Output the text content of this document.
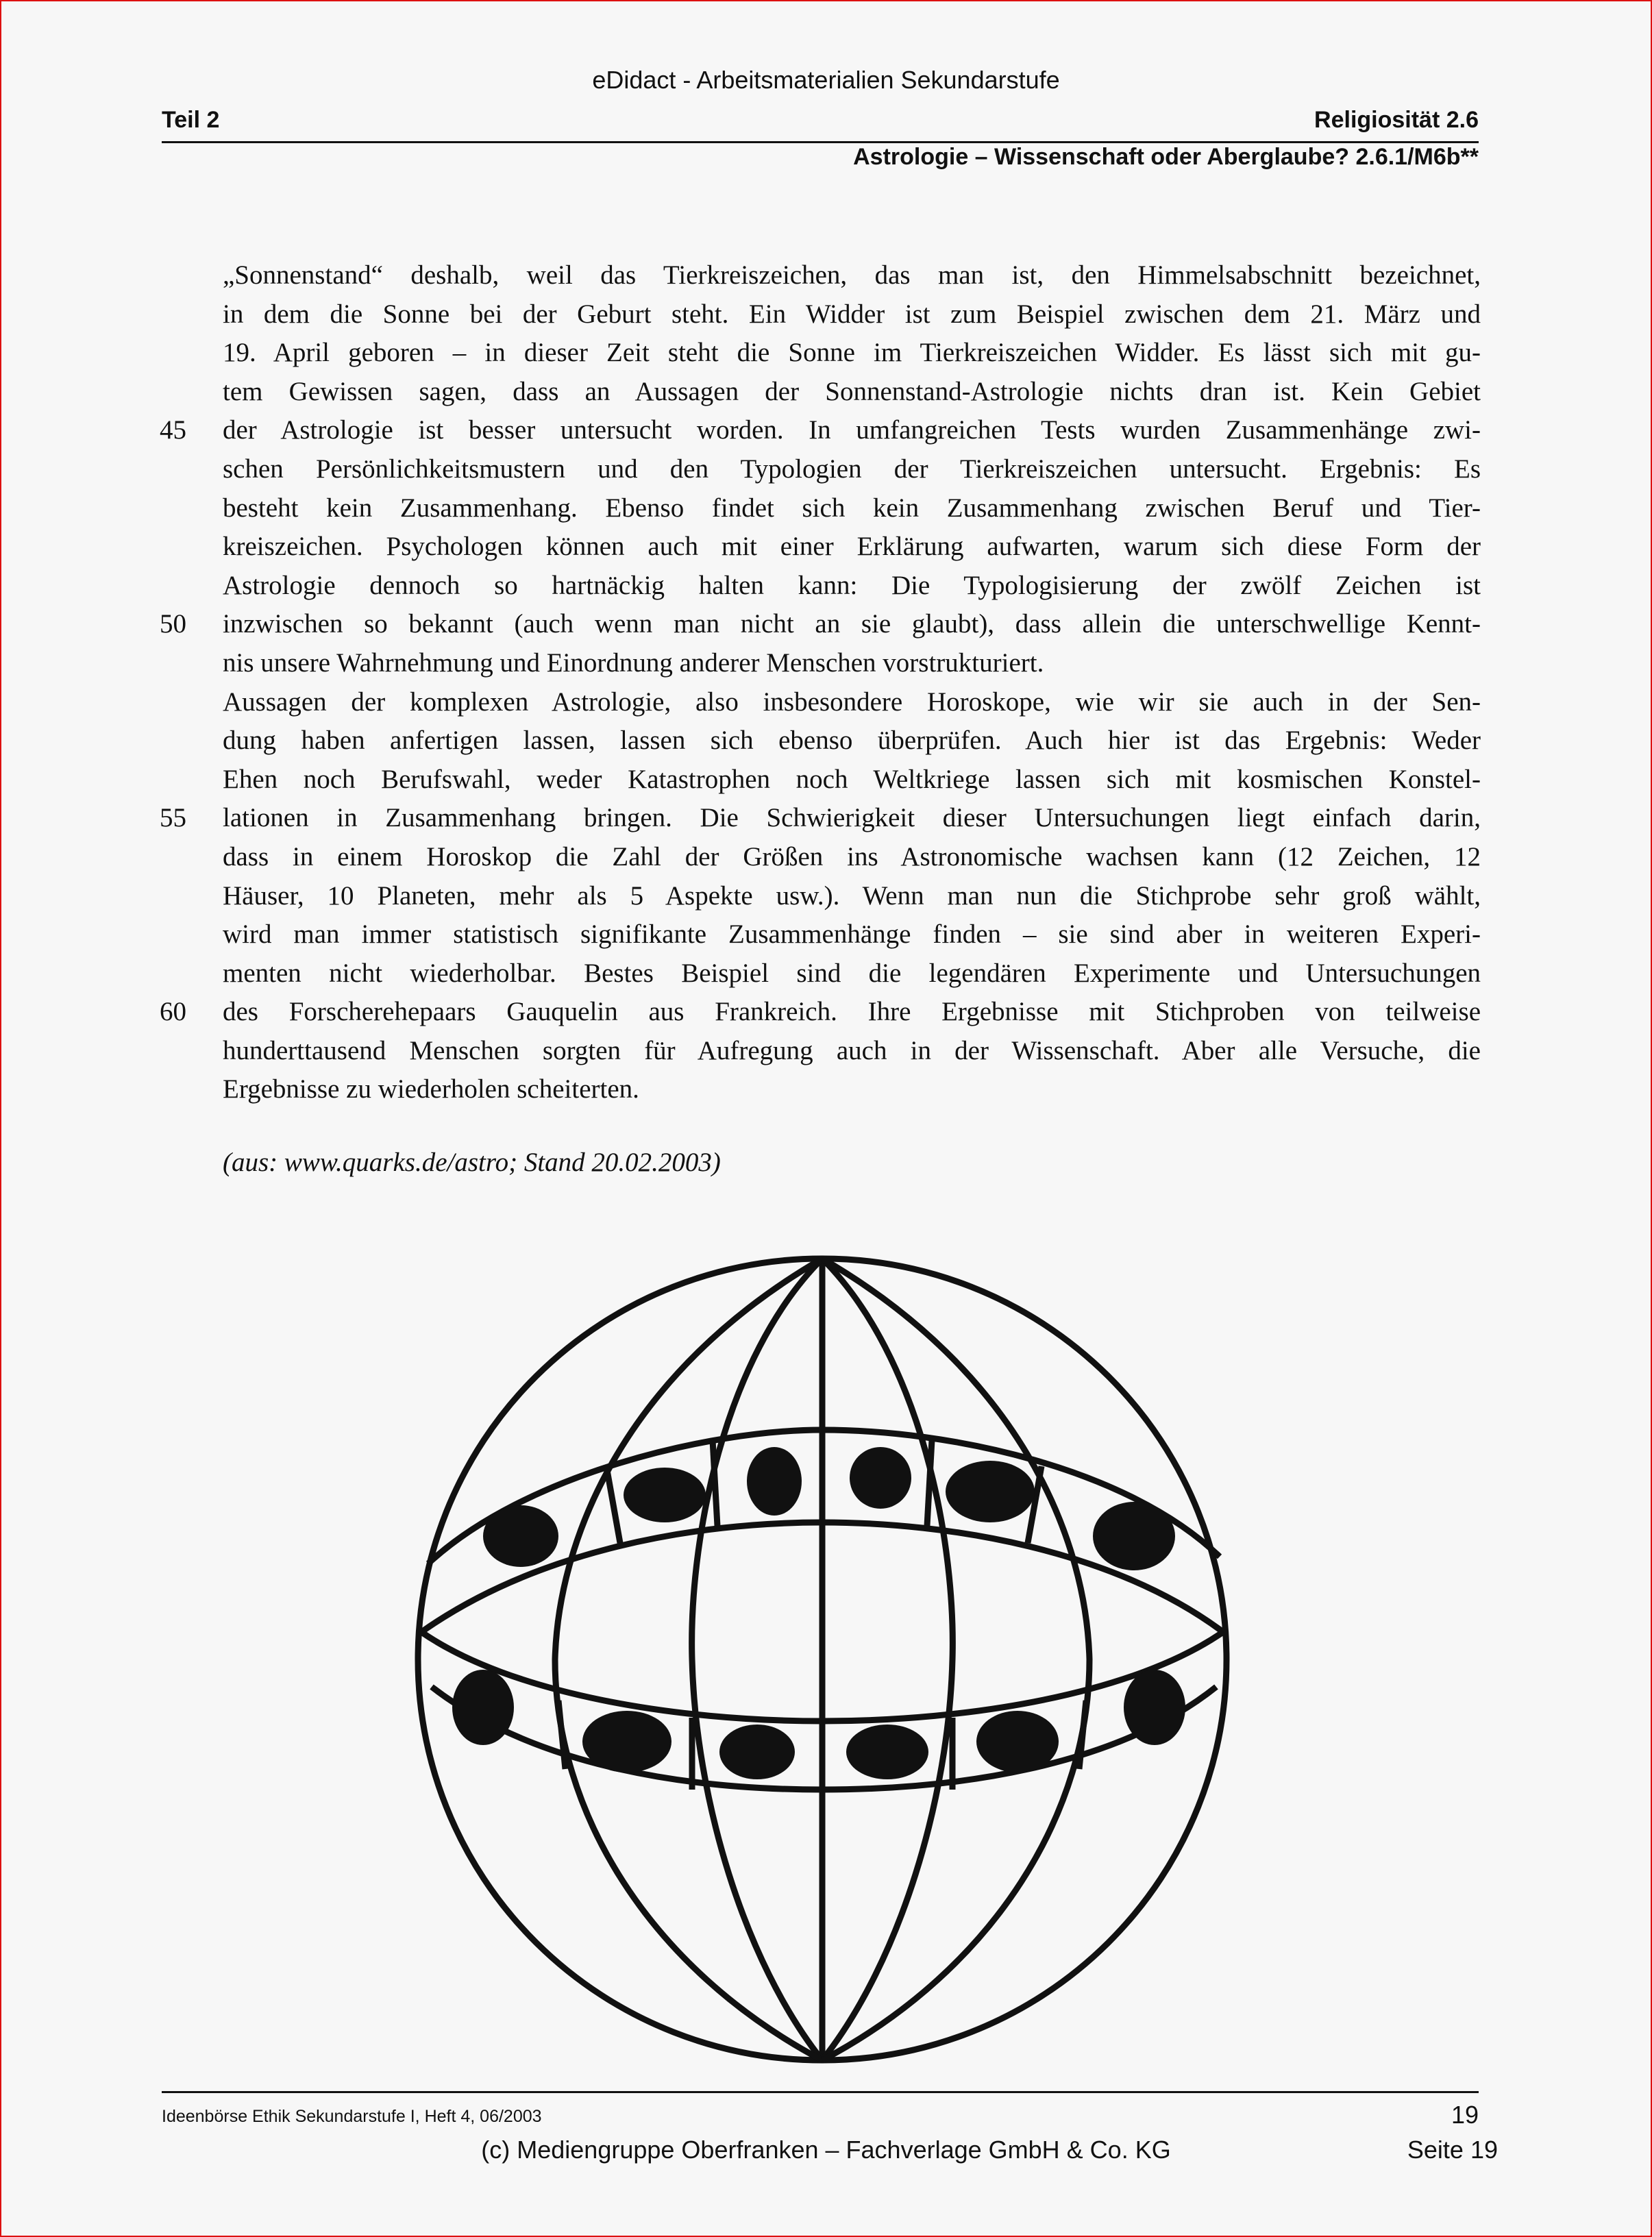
eDidact - Arbeitsmaterialien Sekundarstufe
Teil 2	Religiosität 2.6
Astrologie – Wissenschaft oder Aberglaube? 2.6.1/M6b**
„Sonnenstand“ deshalb, weil das Tierkreiszeichen, das man ist, den Himmelsabschnitt bezeichnet,
in dem die Sonne bei der Geburt steht. Ein Widder ist zum Beispiel zwischen dem 21. März und
19. April geboren – in dieser Zeit steht die Sonne im Tierkreiszeichen Widder. Es lässt sich mit gu-
tem Gewissen sagen, dass an Aussagen der Sonnenstand-Astrologie nichts dran ist. Kein Gebiet
45	der Astrologie ist besser untersucht worden. In umfangreichen Tests wurden Zusammenhänge zwi-
schen Persönlichkeitsmustern und den Typologien der Tierkreiszeichen untersucht. Ergebnis: Es
besteht kein Zusammenhang. Ebenso findet sich kein Zusammenhang zwischen Beruf und Tier-
kreiszeichen. Psychologen können auch mit einer Erklärung aufwarten, warum sich diese Form der
Astrologie dennoch so hartnäckig halten kann: Die Typologisierung der zwölf Zeichen ist
50	inzwischen so bekannt (auch wenn man nicht an sie glaubt), dass allein die unterschwellige Kennt-
nis unsere Wahrnehmung und Einordnung anderer Menschen vorstrukturiert.
Aussagen der komplexen Astrologie, also insbesondere Horoskope, wie wir sie auch in der Sen-
dung haben anfertigen lassen, lassen sich ebenso überprüfen. Auch hier ist das Ergebnis: Weder
Ehen noch Berufswahl, weder Katastrophen noch Weltkriege lassen sich mit kosmischen Konstel-
55	lationen in Zusammenhang bringen. Die Schwierigkeit dieser Untersuchungen liegt einfach darin,
dass in einem Horoskop die Zahl der Größen ins Astronomische wachsen kann (12 Zeichen, 12
Häuser, 10 Planeten, mehr als 5 Aspekte usw.). Wenn man nun die Stichprobe sehr groß wählt,
wird man immer statistisch signifikante Zusammenhänge finden – sie sind aber in weiteren Experi-
menten nicht wiederholbar. Bestes Beispiel sind die legendären Experimente und Untersuchungen
60	des Forscherehepaars Gauquelin aus Frankreich. Ihre Ergebnisse mit Stichproben von teilweise
hunderttausend Menschen sorgten für Aufregung auch in der Wissenschaft. Aber alle Versuche, die
Ergebnisse zu wiederholen scheiterten.
(aus: www.quarks.de/astro; Stand 20.02.2003)
Ideenbörse Ethik Sekundarstufe I, Heft 4, 06/2003	19
(c) Mediengruppe Oberfranken – Fachverlage GmbH & Co. KG	Seite 19
